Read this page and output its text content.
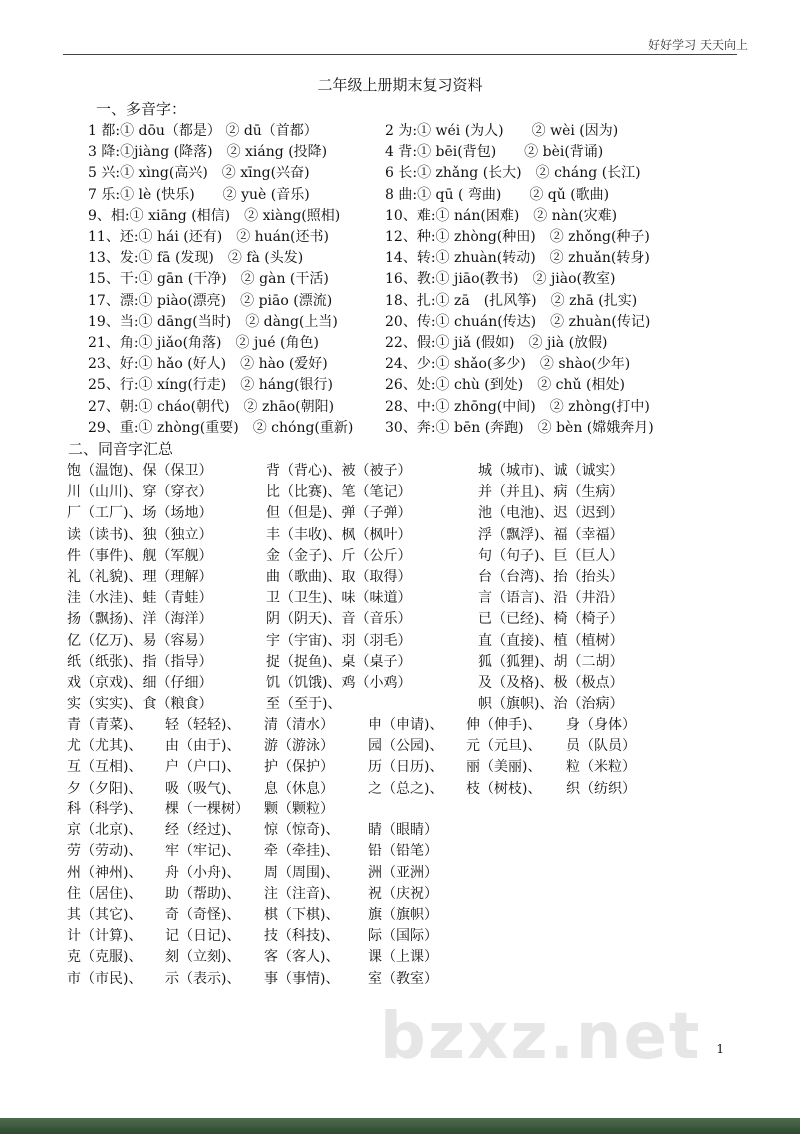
好好学习 天天向上
二年级上册期末复习资料
一、多音字：
1 都:① dōu（都是） ② dū（首都）	2 为:① wéi (为人)　　② wèi (因为)
3 降:①jiàng (降落)　② xiáng (投降)	4 背:① bēi(背包)　　② bèi(背诵)
5 兴:① xìng(高兴)　② xīng(兴奋)	6 长:① zhǎng (长大)　② cháng (长江)
7 乐:① lè (快乐)　　② yuè (音乐)	8 曲:① qū ( 弯曲)　　② qǔ (歌曲)
9、相:① xiāng (相信)　② xiàng(照相)	10、难:① nán(困难)　② nàn(灾难)
11、还:① hái (还有)　② huán(还书)	12、种:① zhòng(种田)　② zhǒng(种子)
13、发:① fā (发现)　② fà (头发)	14、转:① zhuàn(转动)　② zhuǎn(转身)
15、干:① gān (干净)　② gàn (干活)	16、教:① jiāo(教书)　② jiào(教室)
17、漂:① piào(漂亮)　② piāo (漂流)	18、扎:① zā　(扎风筝)　② zhā (扎实)
19、当:① dāng(当时)　② dàng(上当)	20、传:① chuán(传达)　② zhuàn(传记)
21、角:① jiǎo(角落)　② jué (角色)	22、假:① jiǎ (假如)　② jià (放假)
23、好:① hǎo (好人)　② hào (爱好)	24、少:① shǎo(多少)　② shào(少年)
25、行:① xíng(行走)　② háng(银行)	26、处:① chù (到处)　② chǔ (相处)
27、朝:① cháo(朝代)　② zhāo(朝阳)	28、中:① zhōng(中间)　② zhòng(打中)
29、重:① zhòng(重要)　② chóng(重新) 30、奔:① bēn (奔跑)　② bèn (嫦娥奔月)
二、同音字汇总
饱（温饱)、保（保卫）	背（背心)、被（被子）	城（城市)、诚（诚实）
川（山川)、穿（穿衣）	比（比赛)、笔（笔记）	并（并且)、病（生病）
厂（工厂)、场（场地）	但（但是)、弹（子弹）	池（电池)、迟（迟到）
读（读书)、独（独立）	丰（丰收)、枫（枫叶）	浮（飘浮)、福（幸福）
件（事件)、舰（军舰）	金（金子)、斤（公斤）	句（句子)、巨（巨人）
礼（礼貌)、理（理解）	曲（歌曲)、取（取得）	台（台湾)、抬（抬头）
洼（水洼)、蛙（青蛙）	卫（卫生)、味（味道）	言（语言)、沿（井沿）
扬（飘扬)、洋（海洋）	阴（阴天)、音（音乐）	已（已经)、椅（椅子）
亿（亿万)、易（容易）	宇（宇宙)、羽（羽毛）	直（直接)、植（植树）
纸（纸张)、指（指导）	捉（捉鱼)、桌（桌子）	狐（狐狸)、胡（二胡）
戏（京戏)、细（仔细）	饥（饥饿)、鸡（小鸡）	及（及格)、极（极点）
实（实实)、食（粮食）	至（至于)、	帜（旗帜)、治（治病）
青（青菜)、 轻（轻轻)、 清（清水） 申（申请)、 伸（伸手)、 身（身体）
尤（尤其)、 由（由于)、 游（游泳） 园（公园)、 元（元旦)、 员（队员）
互（互相)、 户（户口)、 护（保护） 历（日历)、 丽（美丽)、 粒（米粒）
夕（夕阳)、 吸（吸气)、 息（休息） 之（总之)、 枝（树枝)、 织（纺织）
科（科学)、 棵（一棵树） 颗（颗粒）
京（北京)、 经（经过)、 惊（惊奇)、 睛（眼睛）
劳（劳动)、 牢（牢记)、 牵（牵挂)、 铅（铅笔）
州（神州)、 舟（小舟)、 周（周围)、 洲（亚洲）
住（居住)、 助（帮助)、 注（注音)、 祝（庆祝）
其（其它)、 奇（奇怪)、 棋（下棋)、 旗（旗帜）
计（计算)、 记（日记)、 技（科技)、 际（国际）
克（克服)、 刻（立刻)、 客（客人)、 课（上课）
市（市民)、 示（表示)、 事（事情)、 室（教室）
bzxz.net 1
